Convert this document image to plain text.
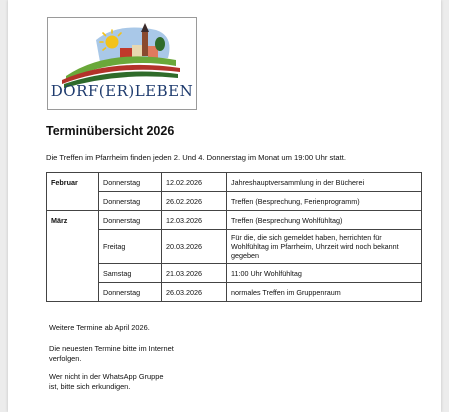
DORF(ER)LEBEN
Terminübersicht 2026
Die Treffen im Pfarrheim finden jeden 2. Und 4. Donnerstag im Monat um 19:00 Uhr statt.
Februar	Donnerstag	12.02.2026	Jahreshauptversammlung in der Bücherei
	Donnerstag	26.02.2026	Treffen (Besprechung, Ferienprogramm)
März	Donnerstag	12.03.2026	Treffen (Besprechung Wohlfühltag)
	Freitag	20.03.2026	Für die, die sich gemeldet haben, herrichten für Wohlfühltag im Pfarrheim, Uhrzeit wird noch bekannt gegeben
	Samstag	21.03.2026	11:00 Uhr Wohlfühltag
	Donnerstag	26.03.2026	normales Treffen im Gruppenraum
Weitere Termine ab April 2026.
Die neuesten Termine bitte im Internet
verfolgen.
Wer nicht in der WhatsApp Gruppe
ist, bitte sich erkundigen.
